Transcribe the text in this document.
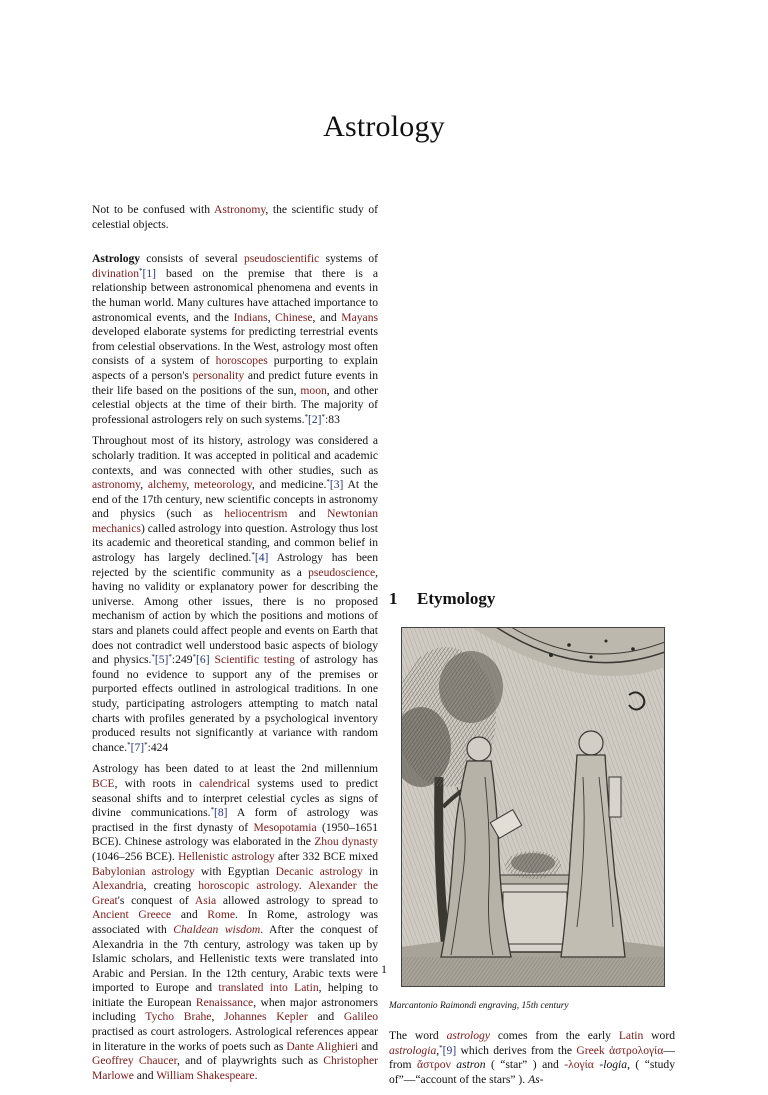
Astrology

Not to be confused with Astronomy, the scientific study of celestial objects.

Astrology consists of several pseudoscientific systems of divination*[1] based on the premise that there is a relationship between astronomical phenomena and events in the human world. Many cultures have attached importance to astronomical events, and the Indians, Chinese, and Mayans developed elaborate systems for predicting terrestrial events from celestial observations. In the West, astrology most often consists of a system of horoscopes purporting to explain aspects of a person's personality and predict future events in their life based on the positions of the sun, moon, and other celestial objects at the time of their birth. The majority of professional astrologers rely on such systems.*[2]*:83

Throughout most of its history, astrology was considered a scholarly tradition. It was accepted in political and academic contexts, and was connected with other studies, such as astronomy, alchemy, meteorology, and medicine.*[3] At the end of the 17th century, new scientific concepts in astronomy and physics (such as heliocentrism and Newtonian mechanics) called astrology into question. Astrology thus lost its academic and theoretical standing, and common belief in astrology has largely declined.*[4] Astrology has been rejected by the scientific community as a pseudoscience, having no validity or explanatory power for describing the universe. Among other issues, there is no proposed mechanism of action by which the positions and motions of stars and planets could affect people and events on Earth that does not contradict well understood basic aspects of biology and physics.*[5]*:249*[6] Scientific testing of astrology has found no evidence to support any of the premises or purported effects outlined in astrological traditions. In one study, participating astrologers attempting to match natal charts with profiles generated by a psychological inventory produced results not significantly at variance with random chance.*[7]*:424

Astrology has been dated to at least the 2nd millennium BCE, with roots in calendrical systems used to predict seasonal shifts and to interpret celestial cycles as signs of divine communications.*[8] A form of astrology was practised in the first dynasty of Mesopotamia (1950–1651 BCE). Chinese astrology was elaborated in the Zhou dynasty (1046–256 BCE). Hellenistic astrology after 332 BCE mixed Babylonian astrology with Egyptian Decanic astrology in Alexandria, creating horoscopic astrology. Alexander the Great's conquest of Asia allowed astrology to spread to Ancient Greece and Rome. In Rome, astrology was associated with Chaldean wisdom. After the conquest of Alexandria in the 7th century, astrology was taken up by Islamic scholars, and Hellenistic texts were translated into Arabic and Persian. In the 12th century, Arabic texts were imported to Europe and translated into Latin, helping to initiate the European Renaissance, when major astronomers including Tycho Brahe, Johannes Kepler and Galileo practised as court astrologers. Astrological references appear in literature in the works of poets such as Dante Alighieri and Geoffrey Chaucer, and of playwrights such as Christopher Marlowe and William Shakespeare.

1 Etymology
Marcantonio Raimondi engraving, 15th century

The word astrology comes from the early Latin word astrologia,*[9] which derives from the Greek ἀστρολογία—from ἄστρον astron ( “star” ) and -λογία -logia, ( “study of”—“account of the stars” ). As-

1
